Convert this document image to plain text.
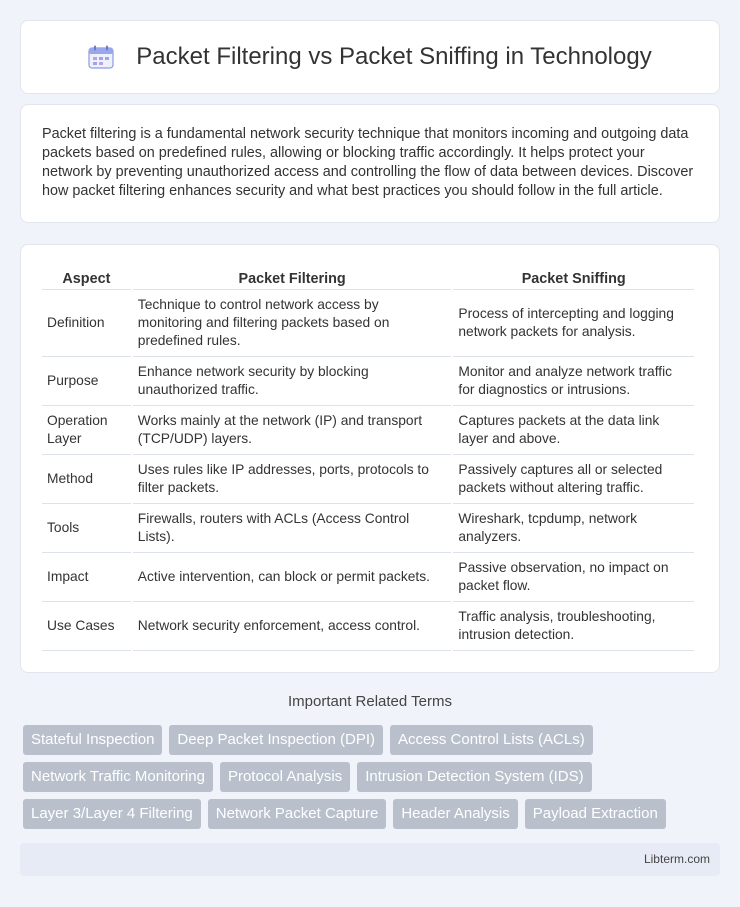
Packet Filtering vs Packet Sniffing in Technology

Packet filtering is a fundamental network security technique that monitors incoming and outgoing data packets based on predefined rules, allowing or blocking traffic accordingly. It helps protect your network by preventing unauthorized access and controlling the flow of data between devices. Discover how packet filtering enhances security and what best practices you should follow in the full article.

Aspect	Packet Filtering	Packet Sniffing
Definition	Technique to control network access by monitoring and filtering packets based on predefined rules.	Process of intercepting and logging network packets for analysis.
Purpose	Enhance network security by blocking unauthorized traffic.	Monitor and analyze network traffic for diagnostics or intrusions.
Operation Layer	Works mainly at the network (IP) and transport (TCP/UDP) layers.	Captures packets at the data link layer and above.
Method	Uses rules like IP addresses, ports, protocols to filter packets.	Passively captures all or selected packets without altering traffic.
Tools	Firewalls, routers with ACLs (Access Control Lists).	Wireshark, tcpdump, network analyzers.
Impact	Active intervention, can block or permit packets.	Passive observation, no impact on packet flow.
Use Cases	Network security enforcement, access control.	Traffic analysis, troubleshooting, intrusion detection.
Important Related Terms
Stateful Inspection	Deep Packet Inspection (DPI)	Access Control Lists (ACLs)
Network Traffic Monitoring	Protocol Analysis	Intrusion Detection System (IDS)
Layer 3/Layer 4 Filtering	Network Packet Capture	Header Analysis	Payload Extraction
Libterm.com
